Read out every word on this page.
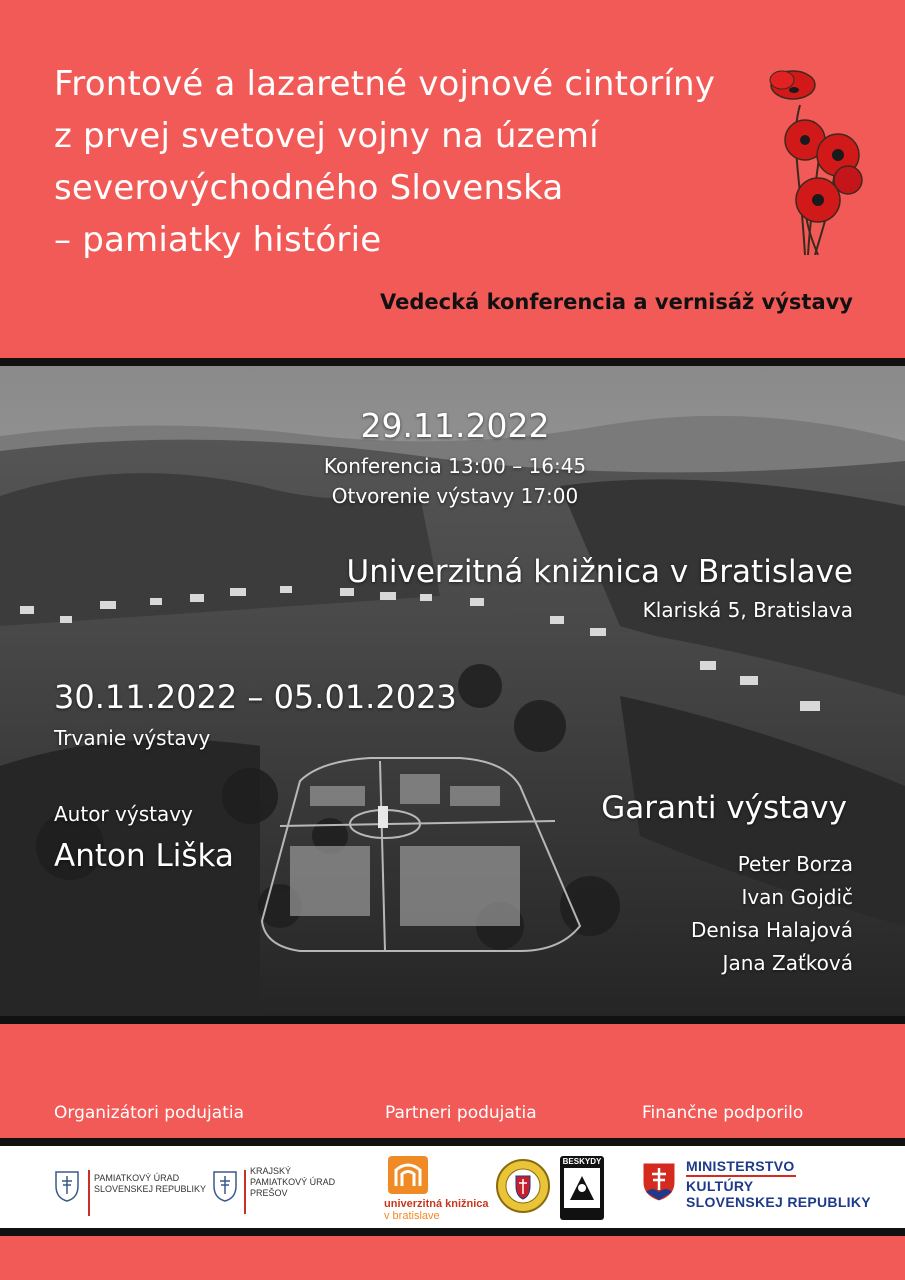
Frontové a lazaretné vojnové cintoríny
z prvej svetovej vojny na území
severovýchodného Slovenska
– pamiatky histórie
Vedecká konferencia a vernisáž výstavy
29.11.2022
Konferencia 13:00 – 16:45
Otvorenie výstavy 17:00
Univerzitná knižnica v Bratislave
Klariská 5, Bratislava
30.11.2022 – 05.01.2023
Trvanie výstavy
Autor výstavy
Anton Liška
Garanti výstavy
Peter Borza
Ivan Gojdič
Denisa Halajová
Jana Zaťková
Organizátori podujatia	Partneri podujatia	Finančne podporilo
PAMIATKOVÝ ÚRAD
SLOVENSKEJ REPUBLIKY
KRAJSKÝ
PAMIATKOVÝ ÚRAD
PREŠOV
univerzitná knižnica
v bratislave
BESKYDY	MINISTERSTVO
KULTÚRY
SLOVENSKEJ REPUBLIKY
